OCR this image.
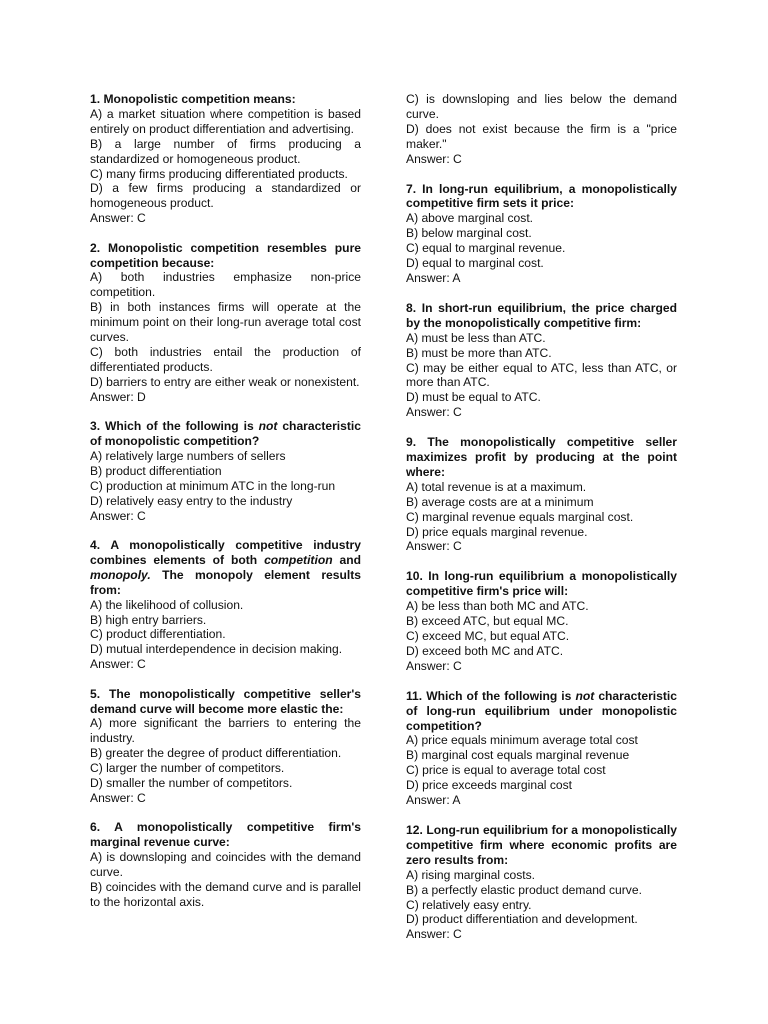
1. Monopolistic competition means:

A) a market situation where competition is based entirely on product differentiation and advertising.

B) a large number of firms producing a standardized or homogeneous product.

C) many firms producing differentiated products.

D) a few firms producing a standardized or homogeneous product.

Answer: C

2. Monopolistic competition resembles pure competition because:

A) both industries emphasize non-price competition.

B) in both instances firms will operate at the minimum point on their long-run average total cost curves.

C) both industries entail the production of differentiated products.

D) barriers to entry are either weak or nonexistent.

Answer: D

3. Which of the following is not characteristic of monopolistic competition?

A) relatively large numbers of sellers

B) product differentiation

C) production at minimum ATC in the long-run

D) relatively easy entry to the industry

Answer: C

4. A monopolistically competitive industry combines elements of both competition and monopoly. The monopoly element results from:

A) the likelihood of collusion.

B) high entry barriers.

C) product differentiation.

D) mutual interdependence in decision making.

Answer: C

5. The monopolistically competitive seller's demand curve will become more elastic the:

A) more significant the barriers to entering the industry.

B) greater the degree of product differentiation.

C) larger the number of competitors.

D) smaller the number of competitors.

Answer: C

6. A monopolistically competitive firm's marginal revenue curve:

A) is downsloping and coincides with the demand curve.

B) coincides with the demand curve and is parallel to the horizontal axis.

C) is downsloping and lies below the demand curve.

D) does not exist because the firm is a "price maker."

Answer: C

7. In long-run equilibrium, a monopolistically competitive firm sets it price:

A) above marginal cost.

B) below marginal cost.

C) equal to marginal revenue.

D) equal to marginal cost.

Answer: A

8. In short-run equilibrium, the price charged by the monopolistically competitive firm:

A) must be less than ATC.

B) must be more than ATC.

C) may be either equal to ATC, less than ATC, or more than ATC.

D) must be equal to ATC.

Answer: C

9. The monopolistically competitive seller maximizes profit by producing at the point where:

A) total revenue is at a maximum.

B) average costs are at a minimum

C) marginal revenue equals marginal cost.

D) price equals marginal revenue.

Answer: C

10. In long-run equilibrium a monopolistically competitive firm's price will:

A) be less than both MC and ATC.

B) exceed ATC, but equal MC.

C) exceed MC, but equal ATC.

D) exceed both MC and ATC.

Answer: C

11. Which of the following is not characteristic of long-run equilibrium under monopolistic competition?

A) price equals minimum average total cost

B) marginal cost equals marginal revenue

C) price is equal to average total cost

D) price exceeds marginal cost

Answer: A

12. Long-run equilibrium for a monopolistically competitive firm where economic profits are zero results from:

A) rising marginal costs.

B) a perfectly elastic product demand curve.

C) relatively easy entry.

D) product differentiation and development.

Answer: C
